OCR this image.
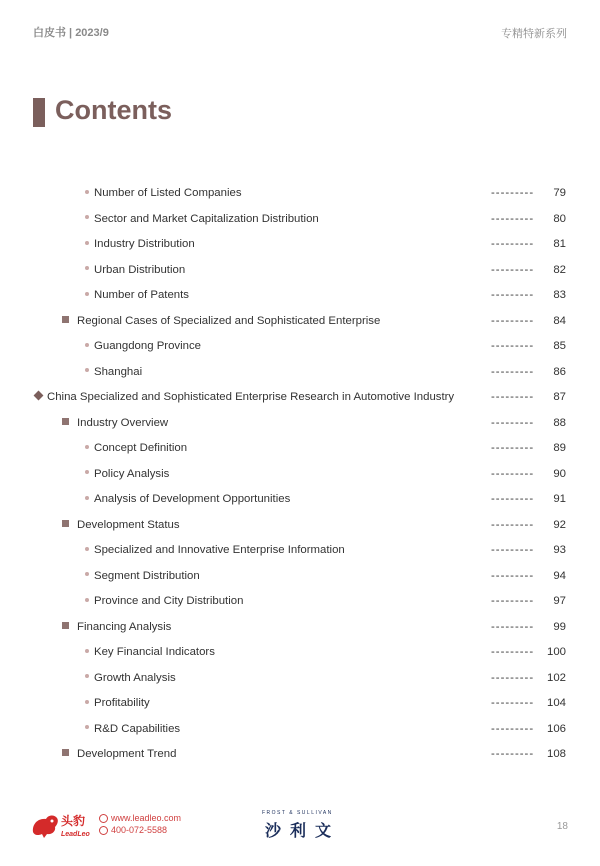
白皮书 | 2023/9	专精特新系列
Contents
Number of Listed Companies	--------- 79
Sector and Market Capitalization Distribution	--------- 80
Industry Distribution	--------- 81
Urban Distribution	--------- 82
Number of Patents	--------- 83
Regional Cases of Specialized and Sophisticated Enterprise	--------- 84
Guangdong Province	--------- 85
Shanghai	--------- 86
China Specialized and Sophisticated Enterprise Research in Automotive Industry	--------- 87
Industry Overview	--------- 88
Concept Definition	--------- 89
Policy Analysis	--------- 90
Analysis of Development Opportunities	--------- 91
Development Status	--------- 92
Specialized and Innovative Enterprise Information	--------- 93
Segment Distribution	--------- 94
Province and City Distribution	--------- 97
Financing Analysis	--------- 99
Key Financial Indicators	--------- 100
Growth Analysis	--------- 102
Profitability	--------- 104
R&D Capabilities	--------- 106
Development Trend	--------- 108
头豹
LeadLeo
www.leadleo.com
400-072-5588
FROST & SULLIVAN
沙利文	18
